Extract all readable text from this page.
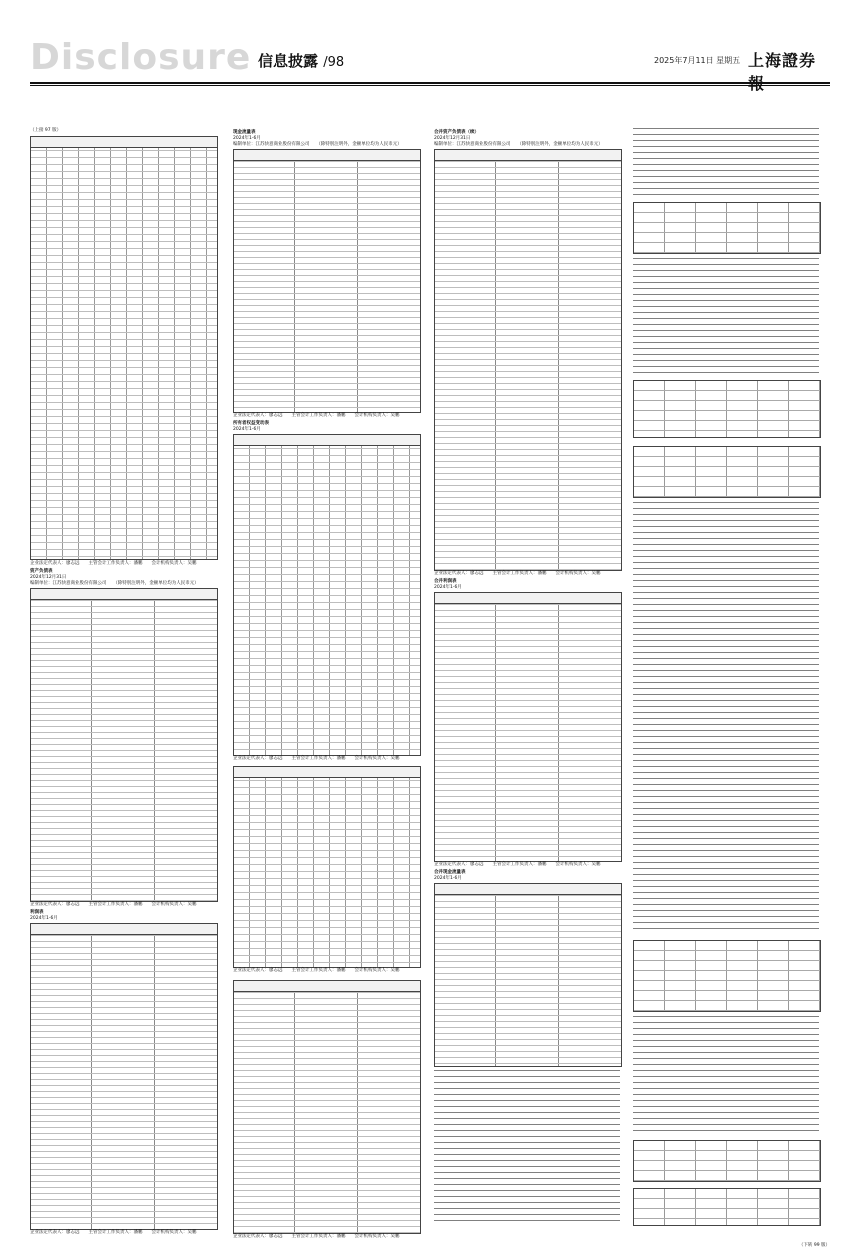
Disclosure 信息披露 /98	2025年7月11日 星期五 上海證券
（上接 97 版）
企业法定代表人：廖志远　　主管会计工作负责人：潘鹏　　会计机构负责人：吴鹏
资产负债表
2024年12月31日
编制单位：江苏快意商业股份有限公司　　（除特别注明外，金额单位均为人民币元）
企业法定代表人：廖志远　　主管会计工作负责人：潘鹏　　会计机构负责人：吴鹏
利润表
2024年1-6月
企业法定代表人：廖志远　　主管会计工作负责人：潘鹏　　会计机构负责人：吴鹏
现金流量表
2024年1-6月
编制单位：江苏快意商业股份有限公司　　（除特别注明外，金额单位均为人民币元）
企业法定代表人：廖志远　　主管会计工作负责人：潘鹏　　会计机构负责人：吴鹏
所有者权益变动表
2024年1-6月
企业法定代表人：廖志远　　主管会计工作负责人：潘鹏　　会计机构负责人：吴鹏
企业法定代表人：廖志远　　主管会计工作负责人：潘鹏　　会计机构负责人：吴鹏
企业法定代表人：廖志远　　主管会计工作负责人：潘鹏　　会计机构负责人：吴鹏
合并资产负债表（续）
2024年12月31日
编制单位：江苏快意商业股份有限公司　　（除特别注明外，金额单位均为人民币元）
企业法定代表人：廖志远　　主管会计工作负责人：潘鹏　　会计机构负责人：吴鹏
合并利润表
2024年1-6月
企业法定代表人：廖志远　　主管会计工作负责人：潘鹏　　会计机构负责人：吴鹏
合并现金流量表
2024年1-6月
（下转 99 版）
